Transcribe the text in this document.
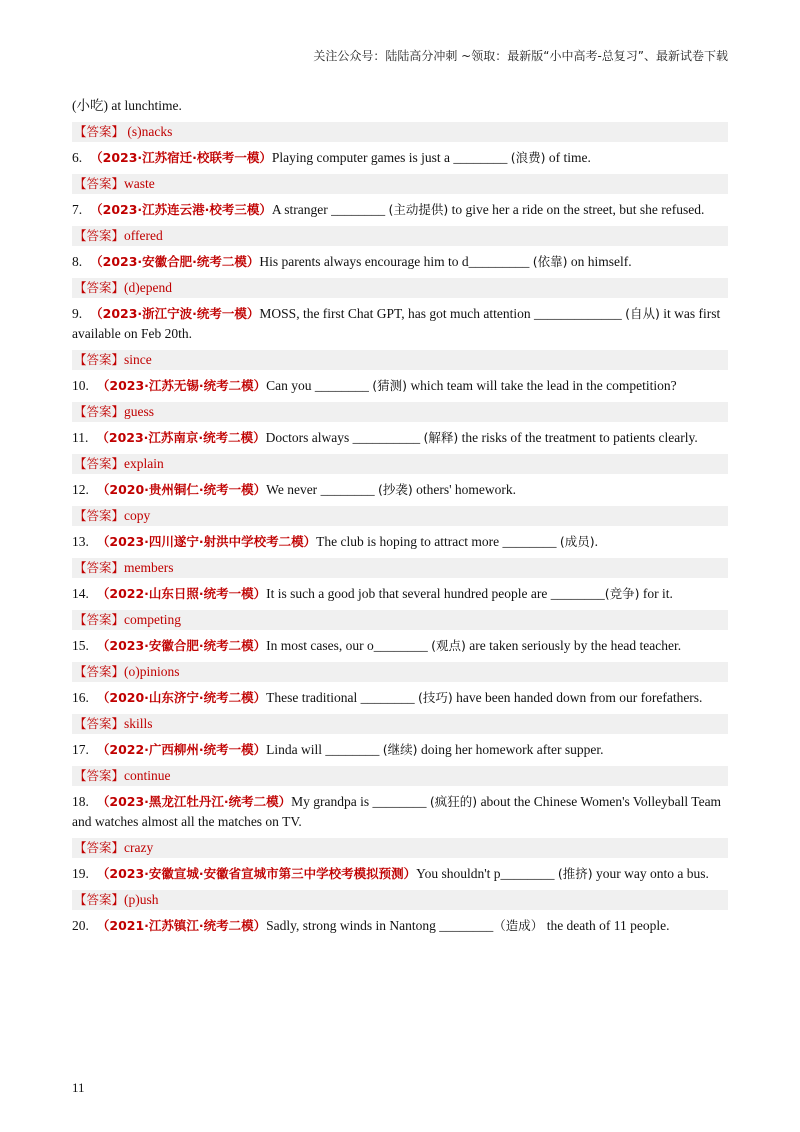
关注公众号：陆陆高分冲刺 ~领取：最新版“小中高考-总复习”、最新试卷下载
(小吃) at lunchtime.
【答案】 (s)nacks
6. （2023·江苏宿迁·校联考一模）Playing computer games is just a ________ (浪费) of time.
【答案】waste
7. （2023·江苏连云港·校考三模）A stranger ________ (主动提供) to give her a ride on the street, but she refused.
【答案】offered
8. （2023·安徽合肥·统考二模）His parents always encourage him to d_________ (依靠) on himself.
【答案】(d)epend
9. （2023·浙江宁波·统考一模）MOSS, the first Chat GPT, has got much attention _____________ (自从) it was first available on Feb 20th.
【答案】since
10. （2023·江苏无锡·统考二模）Can you ________ (猜测) which team will take the lead in the competition?
【答案】guess
11. （2023·江苏南京·统考二模）Doctors always __________ (解释) the risks of the treatment to patients clearly.
【答案】explain
12. （2020·贵州铜仁·统考一模）We never ________ (抄袭) others' homework.
【答案】copy
13. （2023·四川遂宁·射洪中学校考二模）The club is hoping to attract more ________ (成员).
【答案】members
14. （2022·山东日照·统考一模）It is such a good job that several hundred people are ________(竞争) for it.
【答案】competing
15. （2023·安徽合肥·统考二模）In most cases, our o________ (观点) are taken seriously by the head teacher.
【答案】(o)pinions
16. （2020·山东济宁·统考二模）These traditional ________ (技巧) have been handed down from our forefathers.
【答案】skills
17. （2022·广西柳州·统考一模）Linda will ________ (继续) doing her homework after supper.
【答案】continue
18. （2023·黑龙江牡丹江·统考二模）My grandpa is ________ (疯狂的) about the Chinese Women's Volleyball Team and watches almost all the matches on TV.
【答案】crazy
19. （2023·安徽宣城·安徽省宣城市第三中学校考模拟预测）You shouldn't p________ (推挤) your way onto a bus.
【答案】(p)ush
20. （2021·江苏镇江·统考二模）Sadly, strong winds in Nantong ________（造成） the death of 11 people.
11
